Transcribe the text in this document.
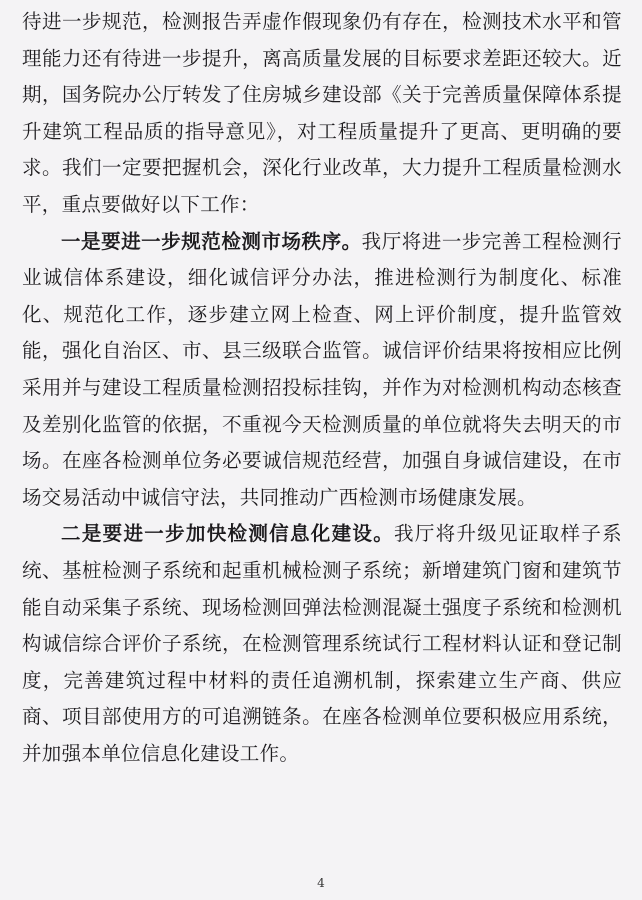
待进一步规范，检测报告弄虚作假现象仍有存在，检测技术水平和管理能力还有待进一步提升，离高质量发展的目标要求差距还较大。近期，国务院办公厅转发了住房城乡建设部《关于完善质量保障体系提升建筑工程品质的指导意见》，对工程质量提升了更高、更明确的要求。我们一定要把握机会，深化行业改革，大力提升工程质量检测水平，重点要做好以下工作：

一是要进一步规范检测市场秩序。我厅将进一步完善工程检测行业诚信体系建设，细化诚信评分办法，推进检测行为制度化、标准化、规范化工作，逐步建立网上检查、网上评价制度，提升监管效能，强化自治区、市、县三级联合监管。诚信评价结果将按相应比例采用并与建设工程质量检测招投标挂钩，并作为对检测机构动态核查及差别化监管的依据，不重视今天检测质量的单位就将失去明天的市场。在座各检测单位务必要诚信规范经营，加强自身诚信建设，在市场交易活动中诚信守法，共同推动广西检测市场健康发展。

二是要进一步加快检测信息化建设。我厅将升级见证取样子系统、基桩检测子系统和起重机械检测子系统；新增建筑门窗和建筑节能自动采集子系统、现场检测回弹法检测混凝土强度子系统和检测机构诚信综合评价子系统，在检测管理系统试行工程材料认证和登记制度，完善建筑过程中材料的责任追溯机制，探索建立生产商、供应商、项目部使用方的可追溯链条。在座各检测单位要积极应用系统，并加强本单位信息化建设工作。

4
